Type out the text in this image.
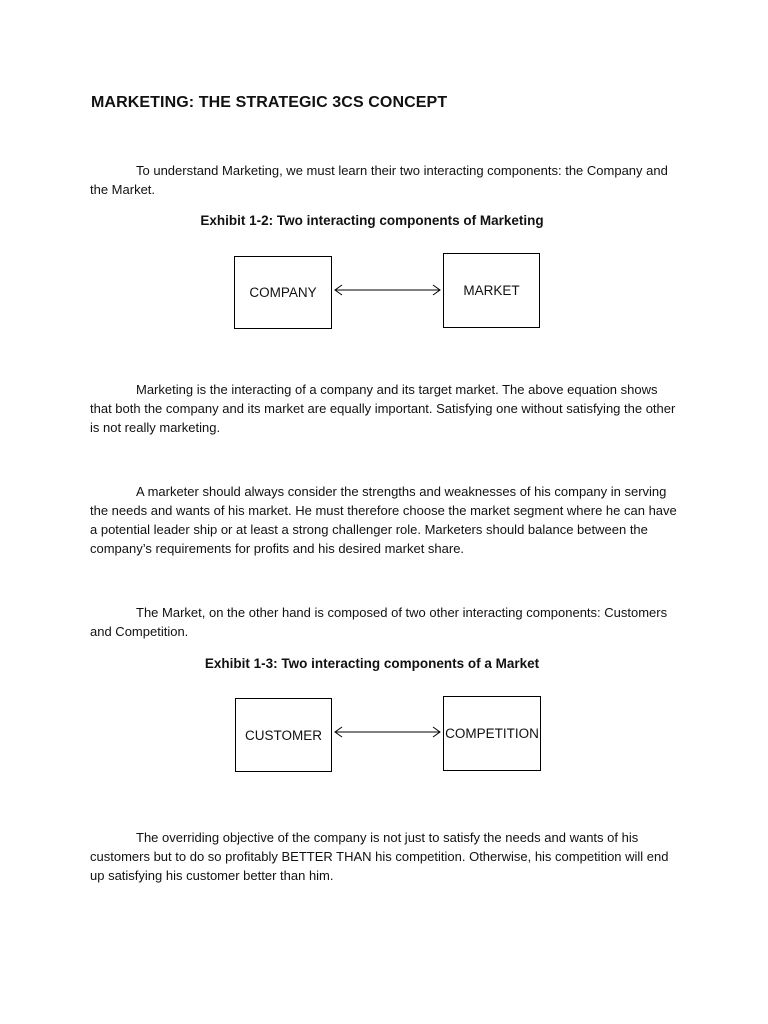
MARKETING: THE STRATEGIC 3CS CONCEPT

To understand Marketing, we must learn their two interacting components: the Company and the Market.

Exhibit 1-2: Two interacting components of Marketing

COMPANY	MARKET

Marketing is the interacting of a company and its target market. The above equation shows that both the company and its market are equally important. Satisfying one without satisfying the other is not really marketing.

A marketer should always consider the strengths and weaknesses of his company in serving the needs and wants of his market. He must therefore choose the market segment where he can have a potential leader ship or at least a strong challenger role. Marketers should balance between the company’s requirements for profits and his desired market share.

The Market, on the other hand is composed of two other interacting components: Customers and Competition.

Exhibit 1-3: Two interacting components of a Market

CUSTOMER	COMPETITION

The overriding objective of the company is not just to satisfy the needs and wants of his customers but to do so profitably BETTER THAN his competition. Otherwise, his competition will end up satisfying his customer better than him.
